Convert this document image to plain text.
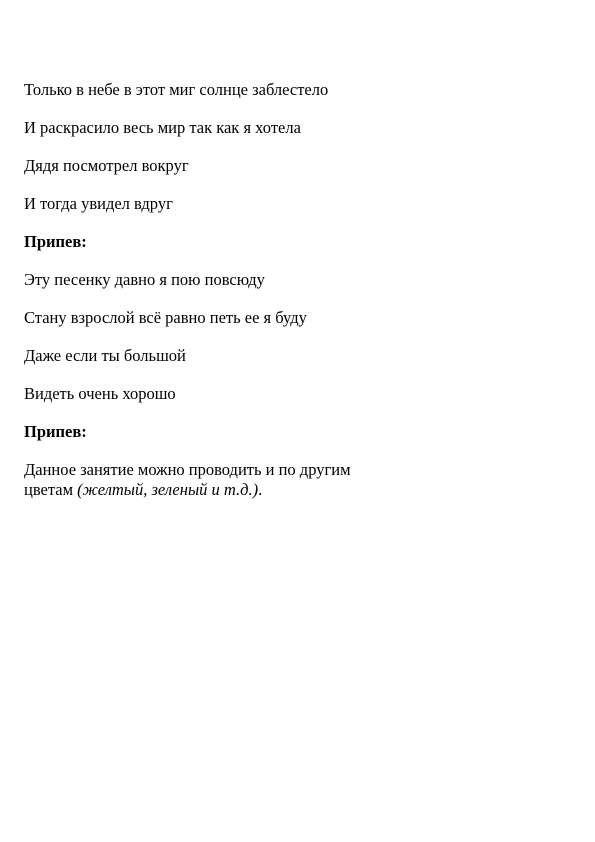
Только в небе в этот миг солнце заблестело

И раскрасило весь мир так как я хотела

Дядя посмотрел вокруг

И тогда увидел вдруг

Припев:

Эту песенку давно я пою повсюду

Стану взрослой всё равно петь ее я буду

Даже если ты большой

Видеть очень хорошо

Припев:

Данное занятие можно проводить и по другим
цветам (желтый, зеленый и т.д.).
